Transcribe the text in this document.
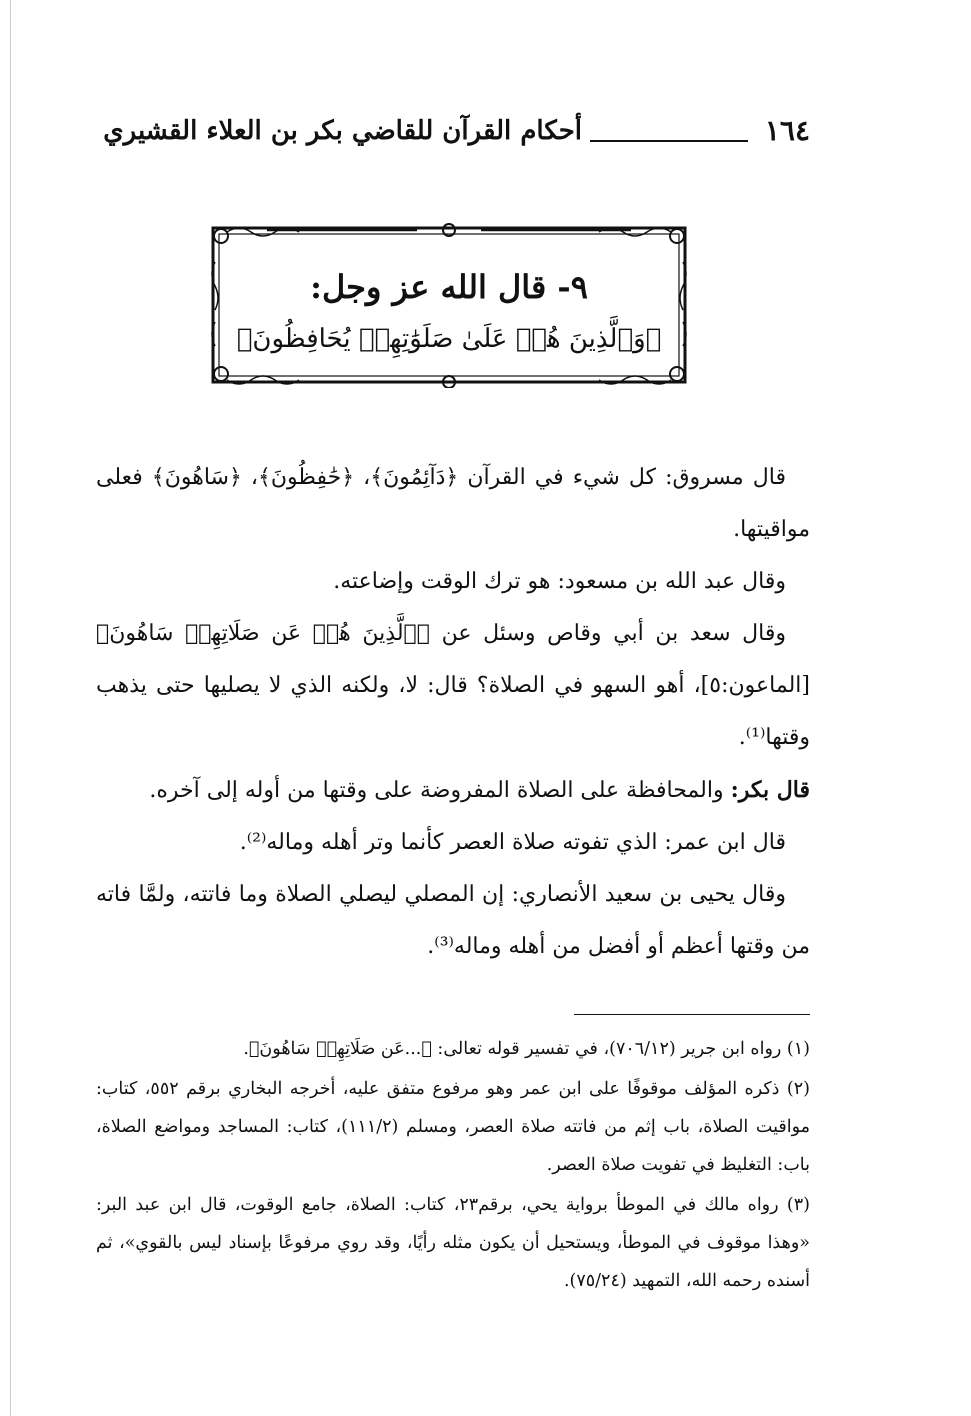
١٦٤
أحكام القرآن للقاضي بكر بن العلاء القشيري
٩- قال الله عز وجل:
﴿وَٱلَّذِينَ هُمۡ عَلَىٰ صَلَوَٰتِهِمۡ يُحَافِظُونَ﴾

قال مسروق: كل شيء في القرآن ﴿دَآئِمُونَ﴾، ﴿حَٰفِظُونَ﴾، ﴿سَاهُونَ﴾ فعلى مواقيتها.

وقال عبد الله بن مسعود: هو ترك الوقت وإضاعته.

وقال سعد بن أبي وقاص وسئل عن ﴿ٱلَّذِينَ هُمۡ عَن صَلَاتِهِمۡ سَاهُونَ﴾ [الماعون:٥]، أهو السهو في الصلاة؟ قال: لا، ولكنه الذي لا يصليها حتى يذهب وقتها⁽¹⁾.

قال بكر: والمحافظة على الصلاة المفروضة على وقتها من أوله إلى آخره.

قال ابن عمر: الذي تفوته صلاة العصر كأنما وتر أهله وماله⁽²⁾.

وقال يحيى بن سعيد الأنصاري: إن المصلي ليصلي الصلاة وما فاتته، ولمَّا فاته من وقتها أعظم أو أفضل من أهله وماله⁽³⁾.

(١) رواه ابن جرير (٧٠٦/١٢)، في تفسير قوله تعالى: ﴿...عَن صَلَاتِهِمۡ سَاهُونَ﴾.

(٢) ذكره المؤلف موقوفًا على ابن عمر وهو مرفوع متفق عليه، أخرجه البخاري برقم ٥٥٢، كتاب: مواقيت الصلاة، باب إثم من فاتته صلاة العصر، ومسلم (١١١/٢)، كتاب: المساجد ومواضع الصلاة، باب: التغليظ في تفويت صلاة العصر.

(٣) رواه مالك في الموطأ برواية يحي، برقم٢٣، كتاب: الصلاة، جامع الوقوت، قال ابن عبد البر: «وهذا موقوف في الموطأ، ويستحيل أن يكون مثله رأيًا، وقد روي مرفوعًا بإسناد ليس بالقوي»، ثم أسنده رحمه الله، التمهيد (٧٥/٢٤).
